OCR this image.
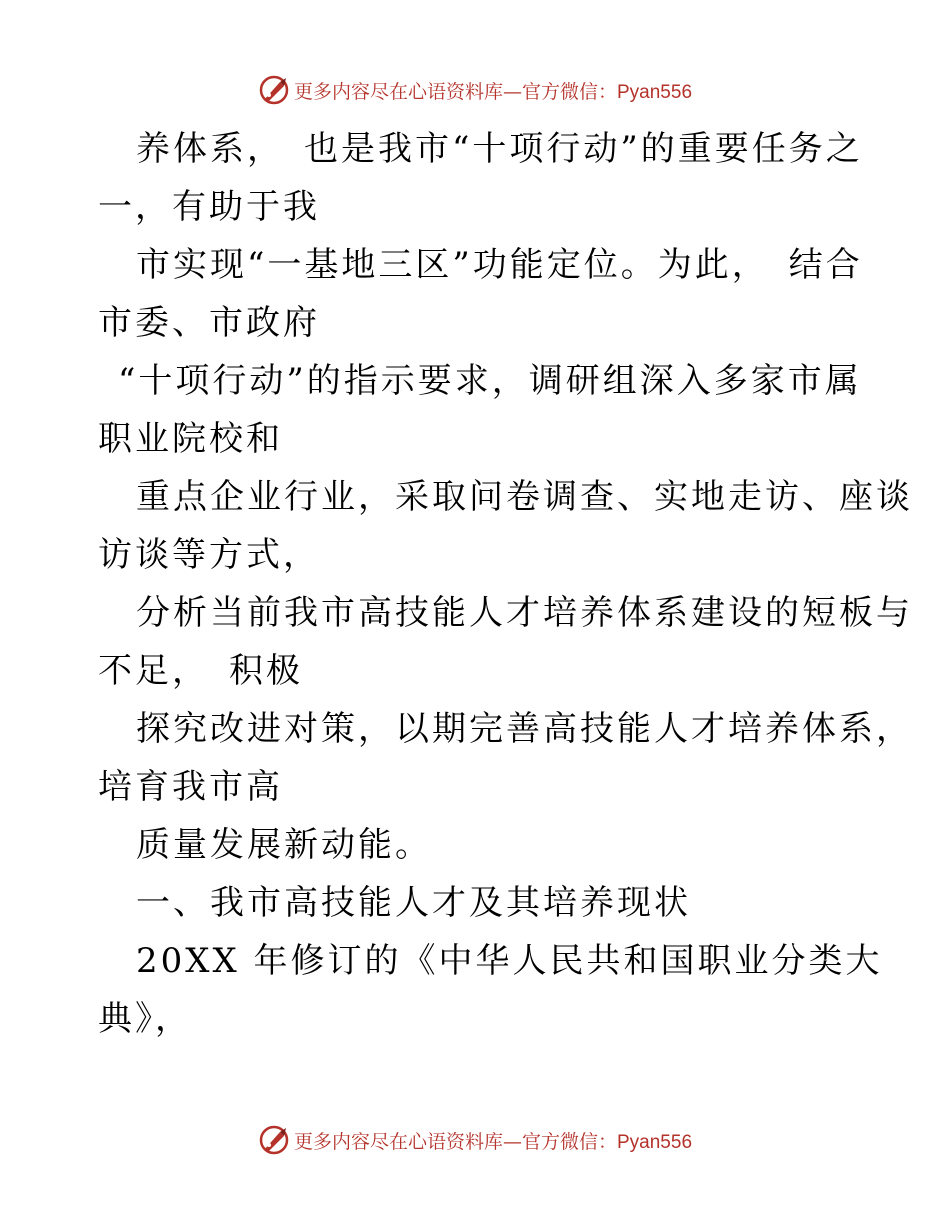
更多内容尽在心语资料库—官方微信：Pyan556
养体系，　也是我市“十项行动”的重要任务之
一，有助于我
市实现“一基地三区”功能定位。为此，　结合
市委、市政府
“十项行动”的指示要求，调研组深入多家市属
职业院校和
重点企业行业，采取问卷调查、实地走访、座谈
访谈等方式，
分析当前我市高技能人才培养体系建设的短板与
不足，　积极
探究改进对策，以期完善高技能人才培养体系，
培育我市高
质量发展新动能。
一、我市高技能人才及其培养现状
20XX 年修订的《中华人民共和国职业分类大
典》，
更多内容尽在心语资料库—官方微信：Pyan556
